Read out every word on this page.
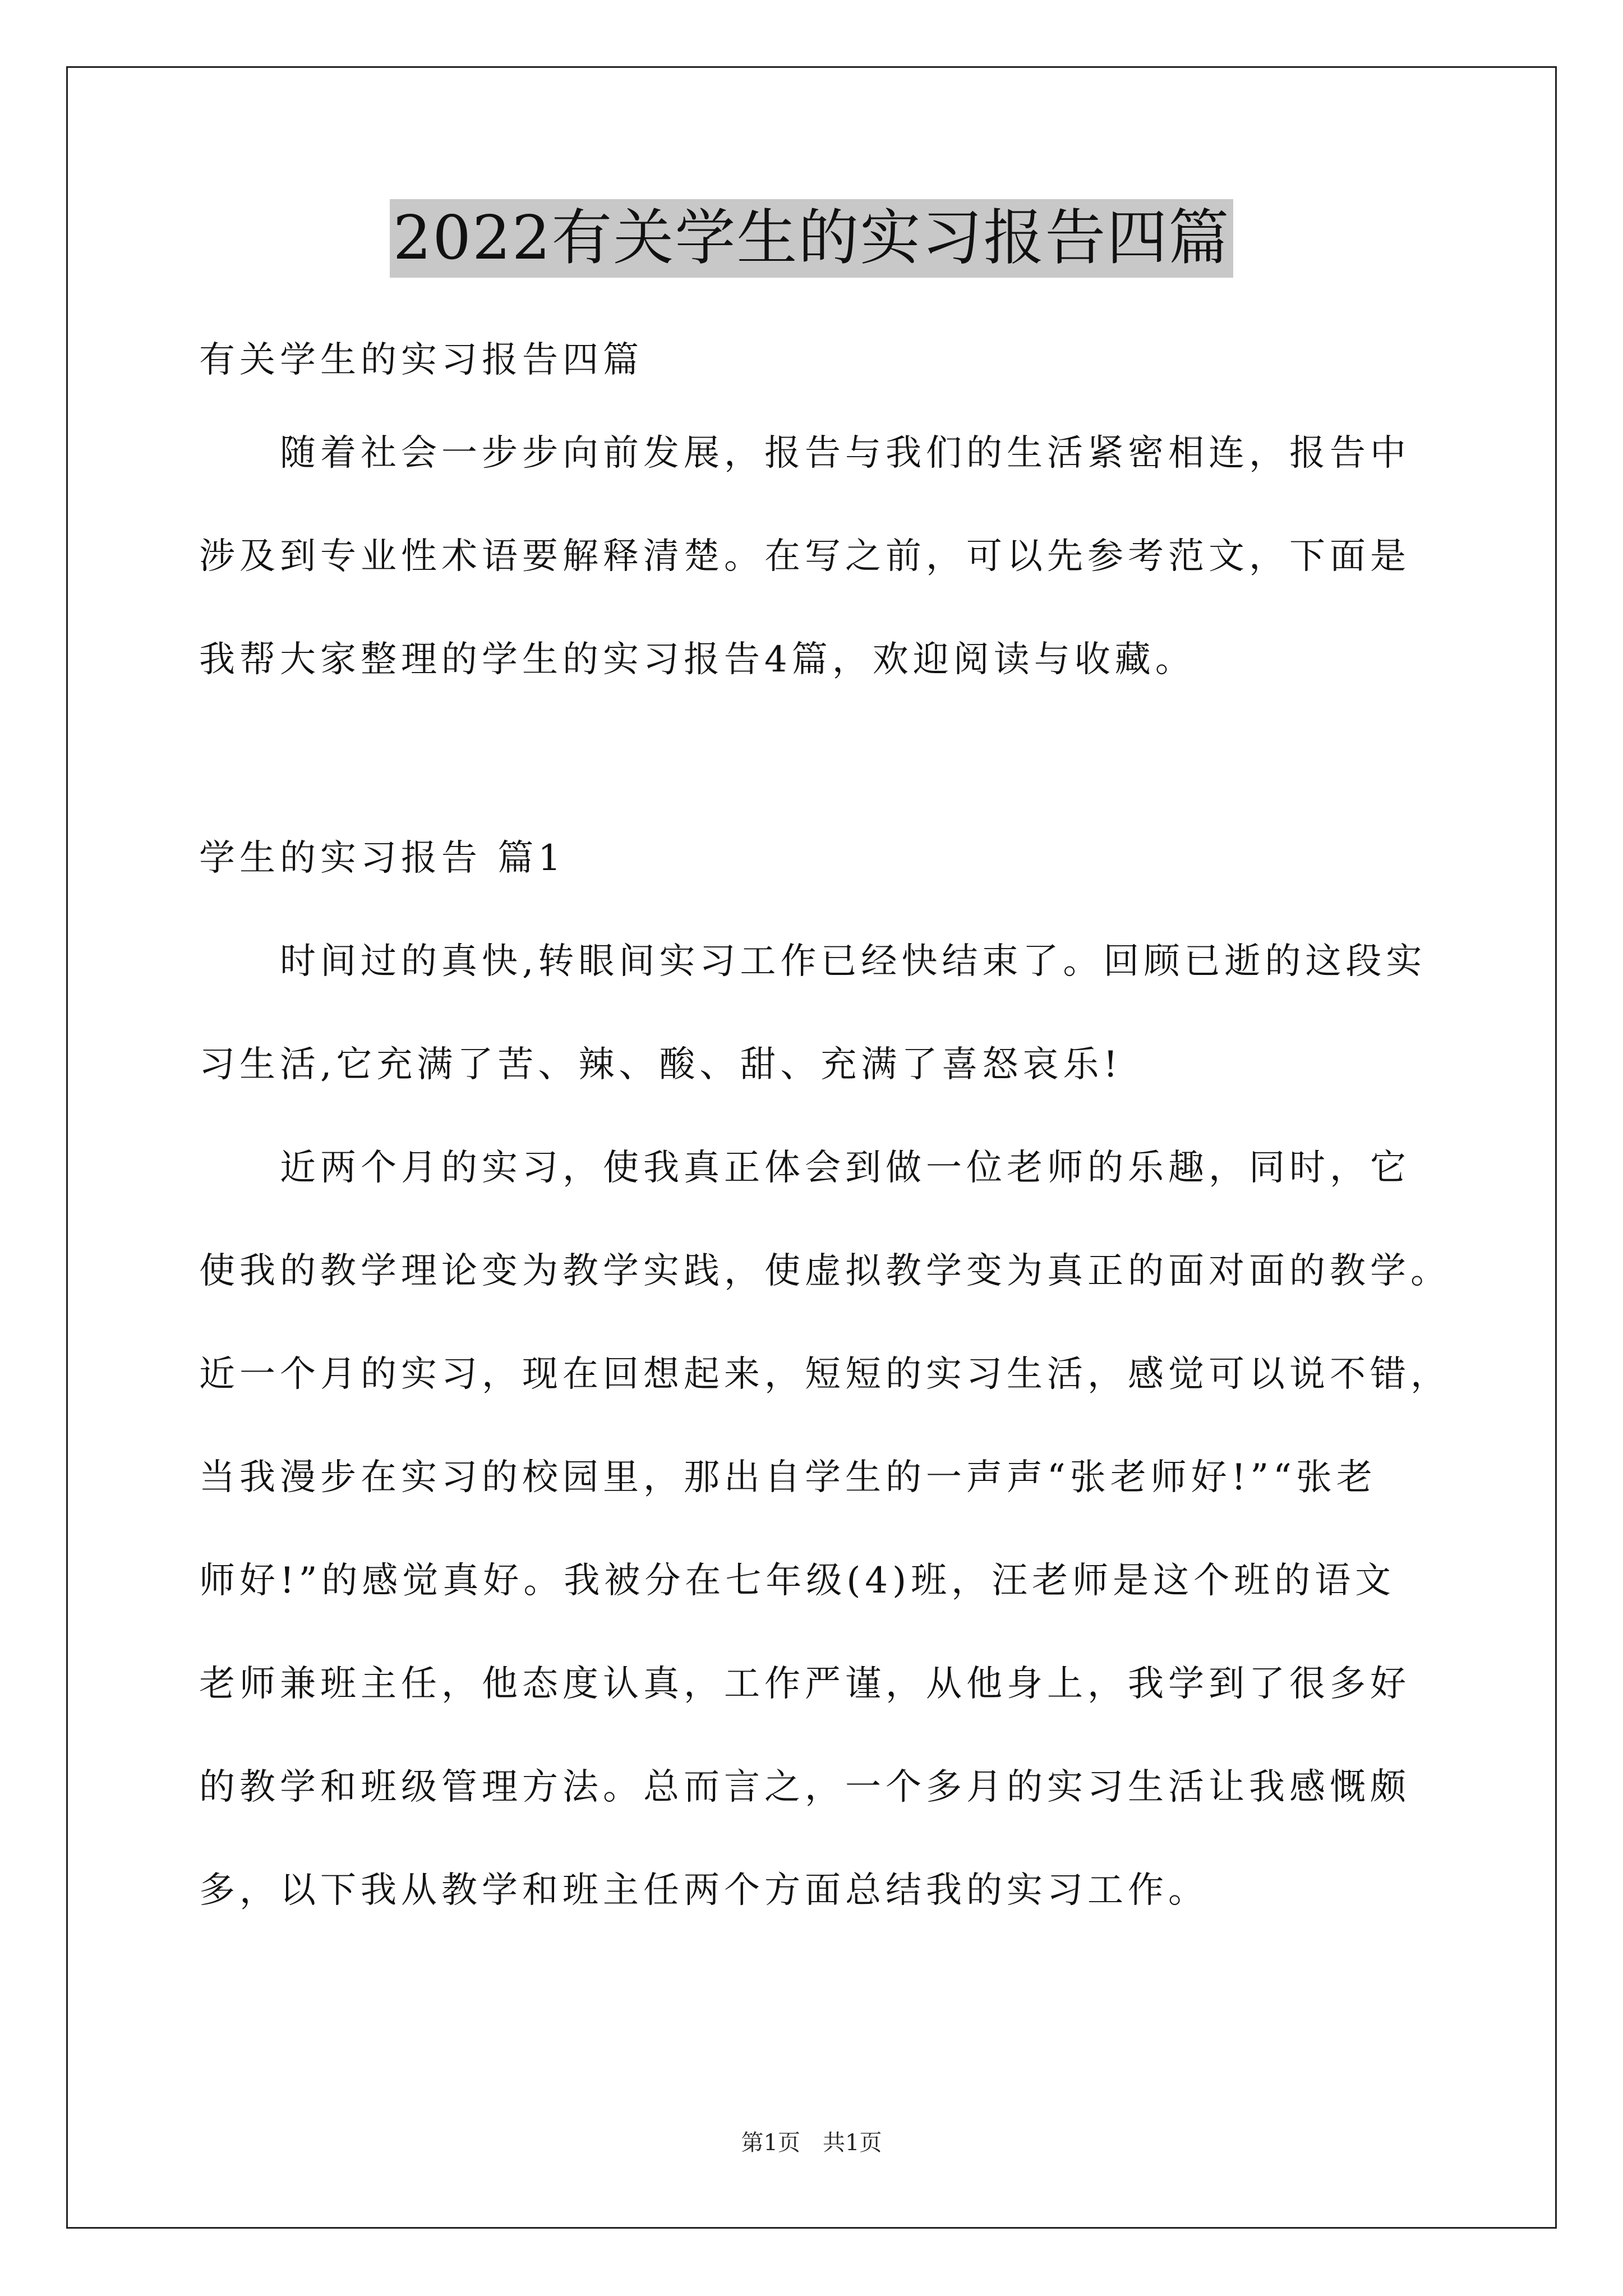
2022有关学生的实习报告四篇

有关学生的实习报告四篇

　　随着社会一步步向前发展，报告与我们的生活紧密相连，报告中

涉及到专业性术语要解释清楚。在写之前，可以先参考范文，下面是

我帮大家整理的学生的实习报告4篇，欢迎阅读与收藏。

学生的实习报告 篇1

　　时间过的真快,转眼间实习工作已经快结束了。回顾已逝的这段实

习生活,它充满了苦、辣、酸、甜、充满了喜怒哀乐!

　　近两个月的实习，使我真正体会到做一位老师的乐趣，同时，它

使我的教学理论变为教学实践，使虚拟教学变为真正的面对面的教学。

近一个月的实习，现在回想起来，短短的实习生活，感觉可以说不错，

当我漫步在实习的校园里，那出自学生的一声声“张老师好!”“张老

师好!”的感觉真好。我被分在七年级(4)班，汪老师是这个班的语文

老师兼班主任，他态度认真，工作严谨，从他身上，我学到了很多好

的教学和班级管理方法。总而言之，一个多月的实习生活让我感慨颇

多，以下我从教学和班主任两个方面总结我的实习工作。

第1页　共1页
